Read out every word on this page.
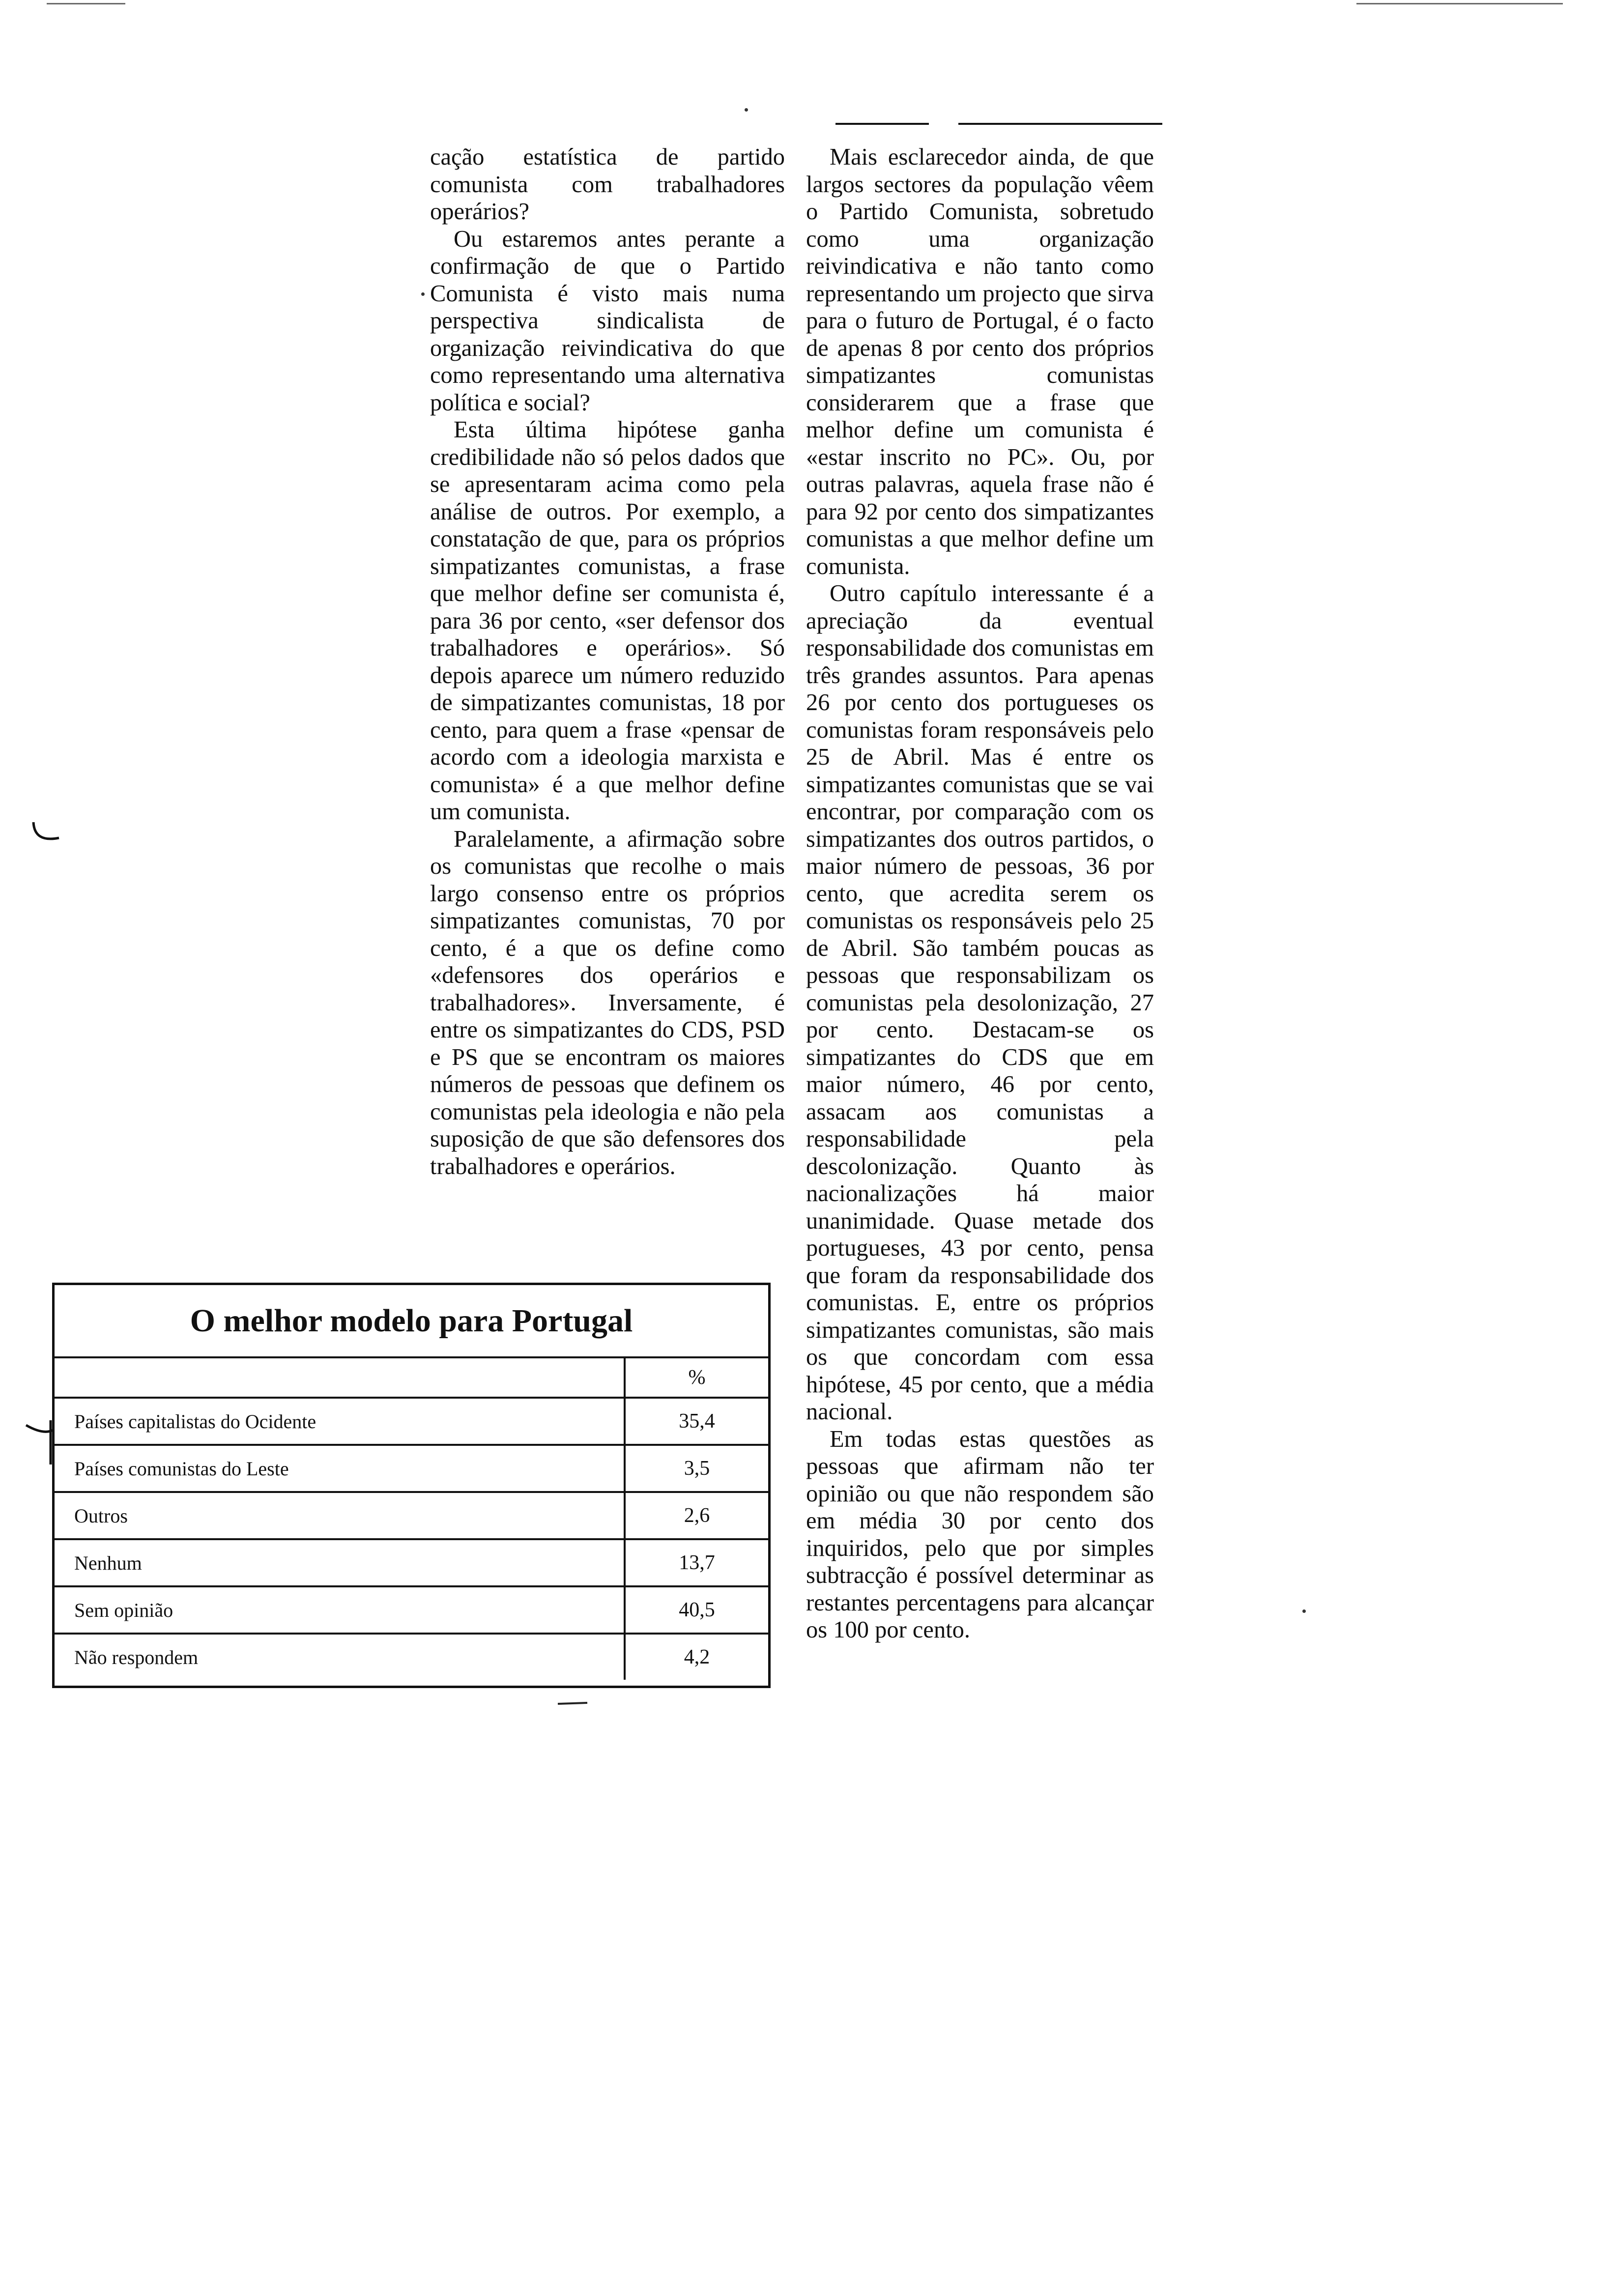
cação estatística de partido comunista com trabalhadores operários?

Ou estaremos antes perante a confirmação de que o Partido Comunista é visto mais numa perspectiva sindicalista de organização reivindicativa do que como representando uma alternativa política e social?

Esta última hipótese ganha credibilidade não só pelos dados que se apresentaram acima como pela análise de outros. Por exemplo, a constatação de que, para os próprios simpatizantes comunistas, a frase que melhor define ser comunista é, para 36 por cento, «ser defensor dos trabalhadores e operários». Só depois aparece um número reduzido de simpatizantes comunistas, 18 por cento, para quem a frase «pensar de acordo com a ideologia marxista e comunista» é a que melhor define um comunista.

Paralelamente, a afirmação sobre os comunistas que recolhe o mais largo consenso entre os próprios simpatizantes comunistas, 70 por cento, é a que os define como «defensores dos operários e trabalhadores». Inversamente, é entre os simpatizantes do CDS, PSD e PS que se encontram os maiores números de pessoas que definem os comunistas pela ideologia e não pela suposição de que são defensores dos trabalhadores e operários.

Mais esclarecedor ainda, de que largos sectores da população vêem o Partido Comunista, sobretudo como uma organização reivindicativa e não tanto como representando um projecto que sirva para o futuro de Portugal, é o facto de apenas 8 por cento dos próprios simpatizantes comunistas considerarem que a frase que melhor define um comunista é «estar inscrito no PC». Ou, por outras palavras, aquela frase não é para 92 por cento dos simpatizantes comunistas a que melhor define um comunista.

Outro capítulo interessante é a apreciação da eventual responsabilidade dos comunistas em três grandes assuntos. Para apenas 26 por cento dos portugueses os comunistas foram responsáveis pelo 25 de Abril. Mas é entre os simpatizantes comunistas que se vai encontrar, por comparação com os simpatizantes dos outros partidos, o maior número de pessoas, 36 por cento, que acredita serem os comunistas os responsáveis pelo 25 de Abril. São também poucas as pessoas que responsabilizam os comunistas pela desolonização, 27 por cento. Destacam-se os simpatizantes do CDS que em maior número, 46 por cento, assacam aos comunistas a responsabilidade pela descolonização. Quanto às nacionalizações há maior unanimidade. Quase metade dos portugueses, 43 por cento, pensa que foram da responsabilidade dos comunistas. E, entre os próprios simpatizantes comunistas, são mais os que concordam com essa hipótese, 45 por cento, que a média nacional.

Em todas estas questões as pessoas que afirmam não ter opinião ou que não respondem são em média 30 por cento dos inquiridos, pelo que por simples subtracção é possível determinar as restantes percentagens para alcançar os 100 por cento.

O melhor modelo para Portugal
	%
Países capitalistas do Ocidente	35,4
Países comunistas do Leste	3,5
Outros	2,6
Nenhum	13,7
Sem opinião	40,5
Não respondem	4,2
